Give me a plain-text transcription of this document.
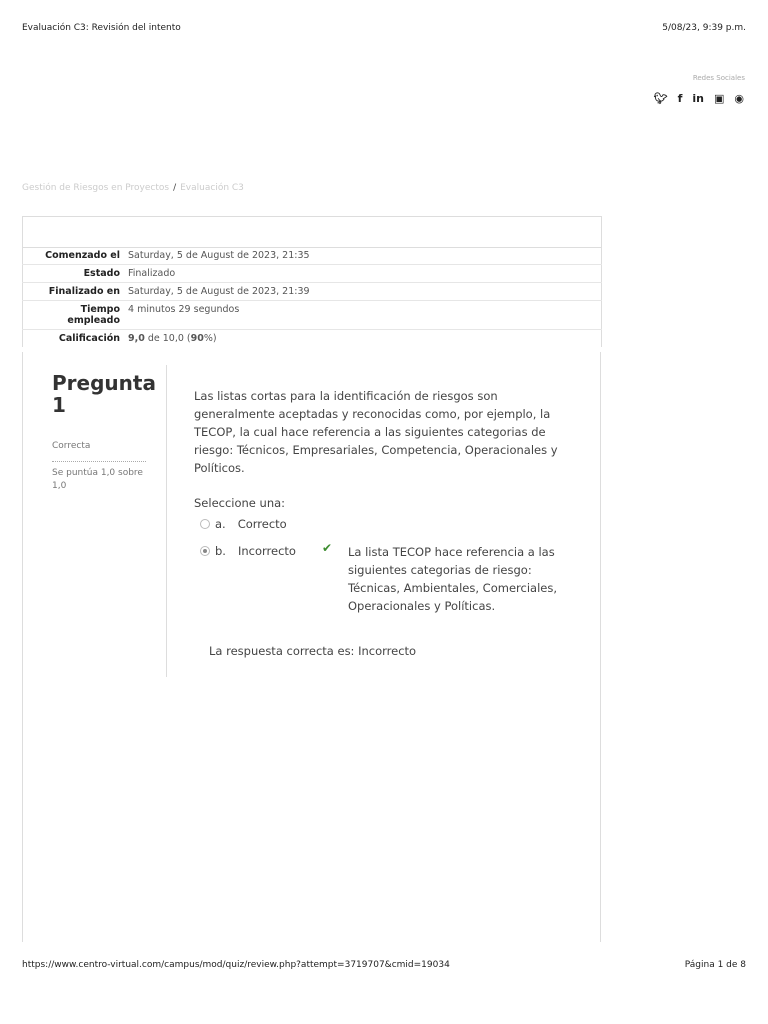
Evaluación C3: Revisión del intento	5/08/23, 9:39 p.m.
Redes Sociales
🐦︎ f in ▣ ◉
Gestión de Riesgos en Proyectos / Evaluación C3
Comenzado el	Saturday, 5 de August de 2023, 21:35
Estado	Finalizado
Finalizado en	Saturday, 5 de August de 2023, 21:39
Tiempo empleado	4 minutos 29 segundos
Calificación	9,0 de 10,0 (90%)
Pregunta 1
Correcta
Se puntúa 1,0 sobre 1,0
Las listas cortas para la identificación de riesgos son generalmente aceptadas y reconocidas como, por ejemplo, la TECOP, la cual hace referencia a las siguientes categorias de riesgo: Técnicos, Empresariales, Competencia, Operacionales y Políticos.
Seleccione una:
a. Correcto
b. Incorrecto ✔ La lista TECOP hace referencia a las siguientes categorias de riesgo: Técnicas, Ambientales, Comerciales, Operacionales y Políticas.
La respuesta correcta es: Incorrecto
https://www.centro-virtual.com/campus/mod/quiz/review.php?attempt=3719707&cmid=19034	Página 1 de 8
